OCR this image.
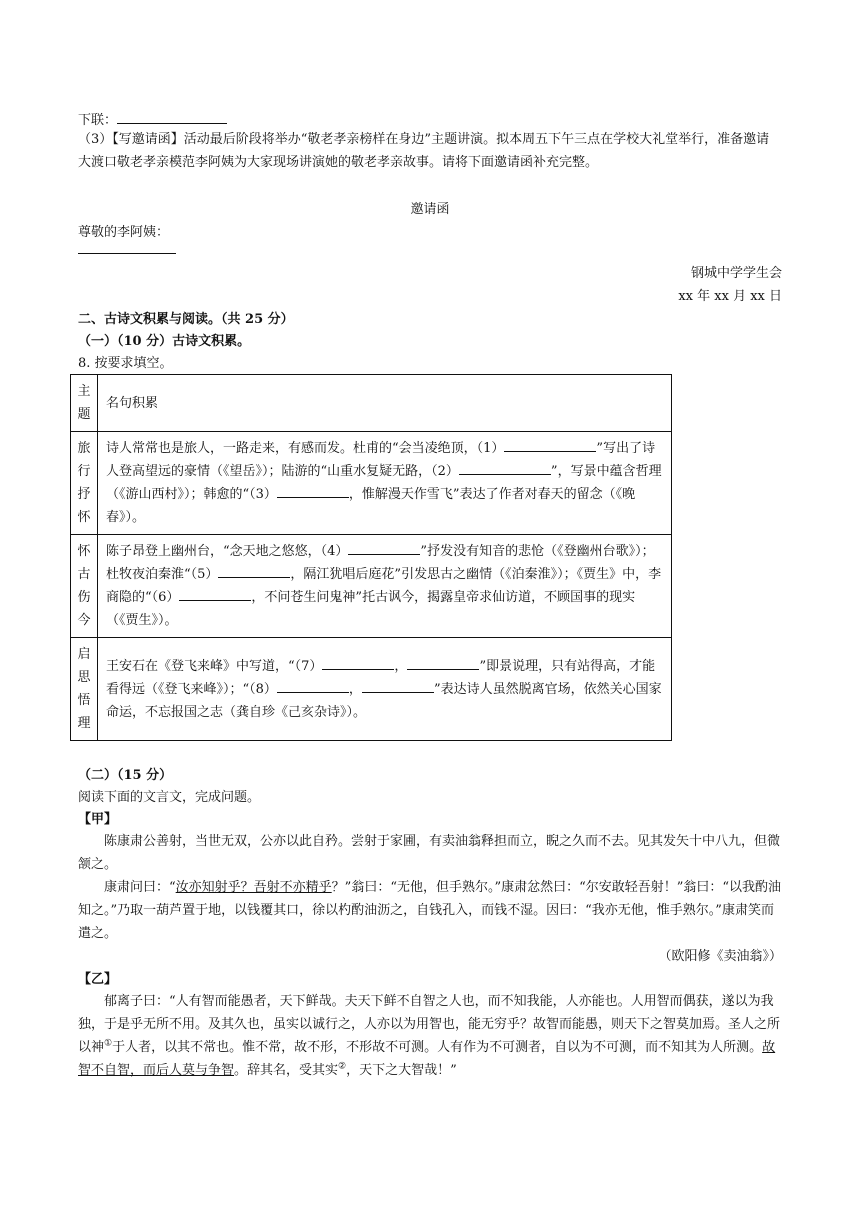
下联：

（3）【写邀请函】活动最后阶段将举办“敬老孝亲榜样在身边”主题讲演。拟本周五下午三点在学校大礼堂举行，准备邀请大渡口敬老孝亲模范李阿姨为大家现场讲演她的敬老孝亲故事。请将下面邀请函补充完整。

邀请函
尊敬的李阿姨：
钢城中学学生会
xx 年 xx 月 xx 日
二、古诗文积累与阅读。（共 25 分）
（一）（10 分）古诗文积累。
8. 按要求填空。
主题	名句积累
旅行抒怀	诗人常常也是旅人，一路走来，有感而发。杜甫的“会当凌绝顶，（1） ”写出了诗人登高望远的豪情（《望岳》）；陆游的“山重水复疑无路，（2） ”，写景中蕴含哲理（《游山西村》）；韩愈的“（3） ，惟解漫天作雪飞”表达了作者对春天的留念（《晚春》）。
怀古伤今	陈子昂登上幽州台，“念天地之悠悠，（4） ”抒发没有知音的悲怆（《登幽州台歌》）；杜牧夜泊秦淮“（5） ，隔江犹唱后庭花”引发思古之幽情（《泊秦淮》）；《贾生》中，李商隐的“（6） ，不问苍生问鬼神”托古讽今，揭露皇帝求仙访道，不顾国事的现实（《贾生》）。
启思悟理	王安石在《登飞来峰》中写道，“（7） ， ”即景说理，只有站得高，才能看得远（《登飞来峰》）；“（8） ， ”表达诗人虽然脱离官场，依然关心国家命运，不忘报国之志（龚自珍《己亥杂诗》）。
（二）（15 分）
阅读下面的文言文，完成问题。
【甲】

陈康肃公善射，当世无双，公亦以此自矜。尝射于家圃，有卖油翁释担而立，睨之久而不去。见其发矢十中八九，但微颔之。

康肃问曰：“汝亦知射乎？吾射不亦精乎？”翁曰：“无他，但手熟尔。”康肃忿然曰：“尔安敢轻吾射！”翁曰：“以我酌油知之。”乃取一葫芦置于地，以钱覆其口，徐以杓酌油沥之，自钱孔入，而钱不湿。因曰：“我亦无他，惟手熟尔。”康肃笑而遣之。

（欧阳修《卖油翁》）
【乙】

郁离子曰：“人有智而能愚者，天下鲜哉。夫天下鲜不自智之人也，而不知我能，人亦能也。人用智而偶获，遂以为我独，于是乎无所不用。及其久也，虽实以诚行之，人亦以为用智也，能无穷乎？故智而能愚，则天下之智莫加焉。圣人之所以神①于人者，以其不常也。惟不常，故不形，不形故不可测。人有作为不可测者，自以为不可测，而不知其为人所测。故智不自智，而后人莫与争智。辞其名，受其实②，天下之大智哉！”
